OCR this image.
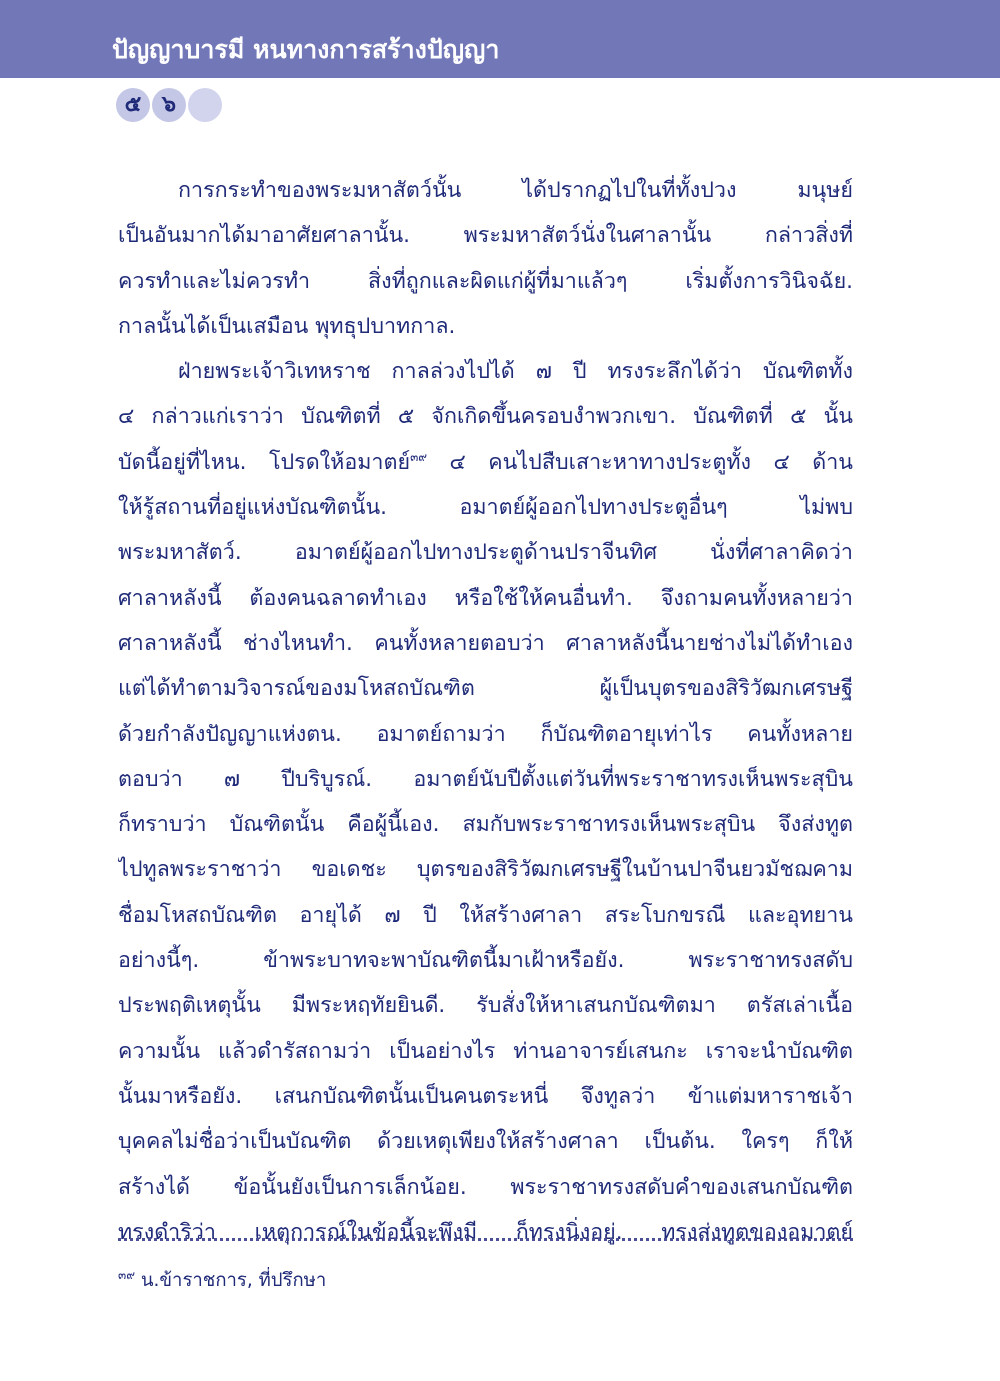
ปัญญาบารมี หนทางการสร้างปัญญา
๕ ๖
การกระทำของพระมหาสัตว์นั้น ได้ปรากฏไปในที่ทั้งปวง มนุษย์
เป็นอันมากได้มาอาศัยศาลานั้น. พระมหาสัตว์นั่งในศาลานั้น กล่าวสิ่งที่
ควรทำและไม่ควรทำ สิ่งที่ถูกและผิดแก่ผู้ที่มาแล้วๆ เริ่มตั้งการวินิจฉัย.
กาลนั้นได้เป็นเสมือน พุทธุปบาทกาล.
ฝ่ายพระเจ้าวิเทหราช กาลล่วงไปได้ ๗ ปี ทรงระลึกได้ว่า บัณฑิตทั้ง
๔ กล่าวแก่เราว่า บัณฑิตที่ ๕ จักเกิดขึ้นครอบงำพวกเขา. บัณฑิตที่ ๕ นั้น
บัดนี้อยู่ที่ไหน. โปรดให้อมาตย์$^{๓๙}$ ๔ คนไปสืบเสาะหาทางประตูทั้ง ๔ ด้าน
ให้รู้สถานที่อยู่แห่งบัณฑิตนั้น. อมาตย์ผู้ออกไปทางประตูอื่นๆ ไม่พบ
พระมหาสัตว์. อมาตย์ผู้ออกไปทางประตูด้านปราจีนทิศ นั่งที่ศาลาคิดว่า
ศาลาหลังนี้ ต้องคนฉลาดทำเอง หรือใช้ให้คนอื่นทำ. จึงถามคนทั้งหลายว่า
ศาลาหลังนี้ ช่างไหนทำ. คนทั้งหลายตอบว่า ศาลาหลังนี้นายช่างไม่ได้ทำเอง
แต่ได้ทำตามวิจารณ์ของมโหสถบัณฑิต ผู้เป็นบุตรของสิริวัฒกเศรษฐี
ด้วยกำลังปัญญาแห่งตน. อมาตย์ถามว่า ก็บัณฑิตอายุเท่าไร คนทั้งหลาย
ตอบว่า ๗ ปีบริบูรณ์. อมาตย์นับปีตั้งแต่วันที่พระราชาทรงเห็นพระสุบิน
ก็ทราบว่า บัณฑิตนั้น คือผู้นี้เอง. สมกับพระราชาทรงเห็นพระสุบิน จึงส่งทูต
ไปทูลพระราชาว่า ขอเดชะ บุตรของสิริวัฒกเศรษฐีในบ้านปาจีนยวมัชฌคาม
ชื่อมโหสถบัณฑิต อายุได้ ๗ ปี ให้สร้างศาลา สระโบกขรณี และอุทยาน
อย่างนี้ๆ. ข้าพระบาทจะพาบัณฑิตนี้มาเฝ้าหรือยัง. พระราชาทรงสดับ
ประพฤติเหตุนั้น มีพระหฤทัยยินดี. รับสั่งให้หาเสนกบัณฑิตมา ตรัสเล่าเนื้อ
ความนั้น แล้วดำรัสถามว่า เป็นอย่างไร ท่านอาจารย์เสนกะ เราจะนำบัณฑิต
นั้นมาหรือยัง. เสนกบัณฑิตนั้นเป็นคนตระหนี่ จึงทูลว่า ข้าแต่มหาราชเจ้า
บุคคลไม่ชื่อว่าเป็นบัณฑิต ด้วยเหตุเพียงให้สร้างศาลา เป็นต้น. ใครๆ ก็ให้
สร้างได้ ข้อนั้นยังเป็นการเล็กน้อย. พระราชาทรงสดับคำของเสนกบัณฑิต
ทรงดำริว่า เหตุการณ์ในข้อนี้จะพึงมี ก็ทรงนิ่งอยู่. ทรงส่งทูตของอมาตย์
$^{๓๙}$ น.ข้าราชการ, ที่ปรึกษา
